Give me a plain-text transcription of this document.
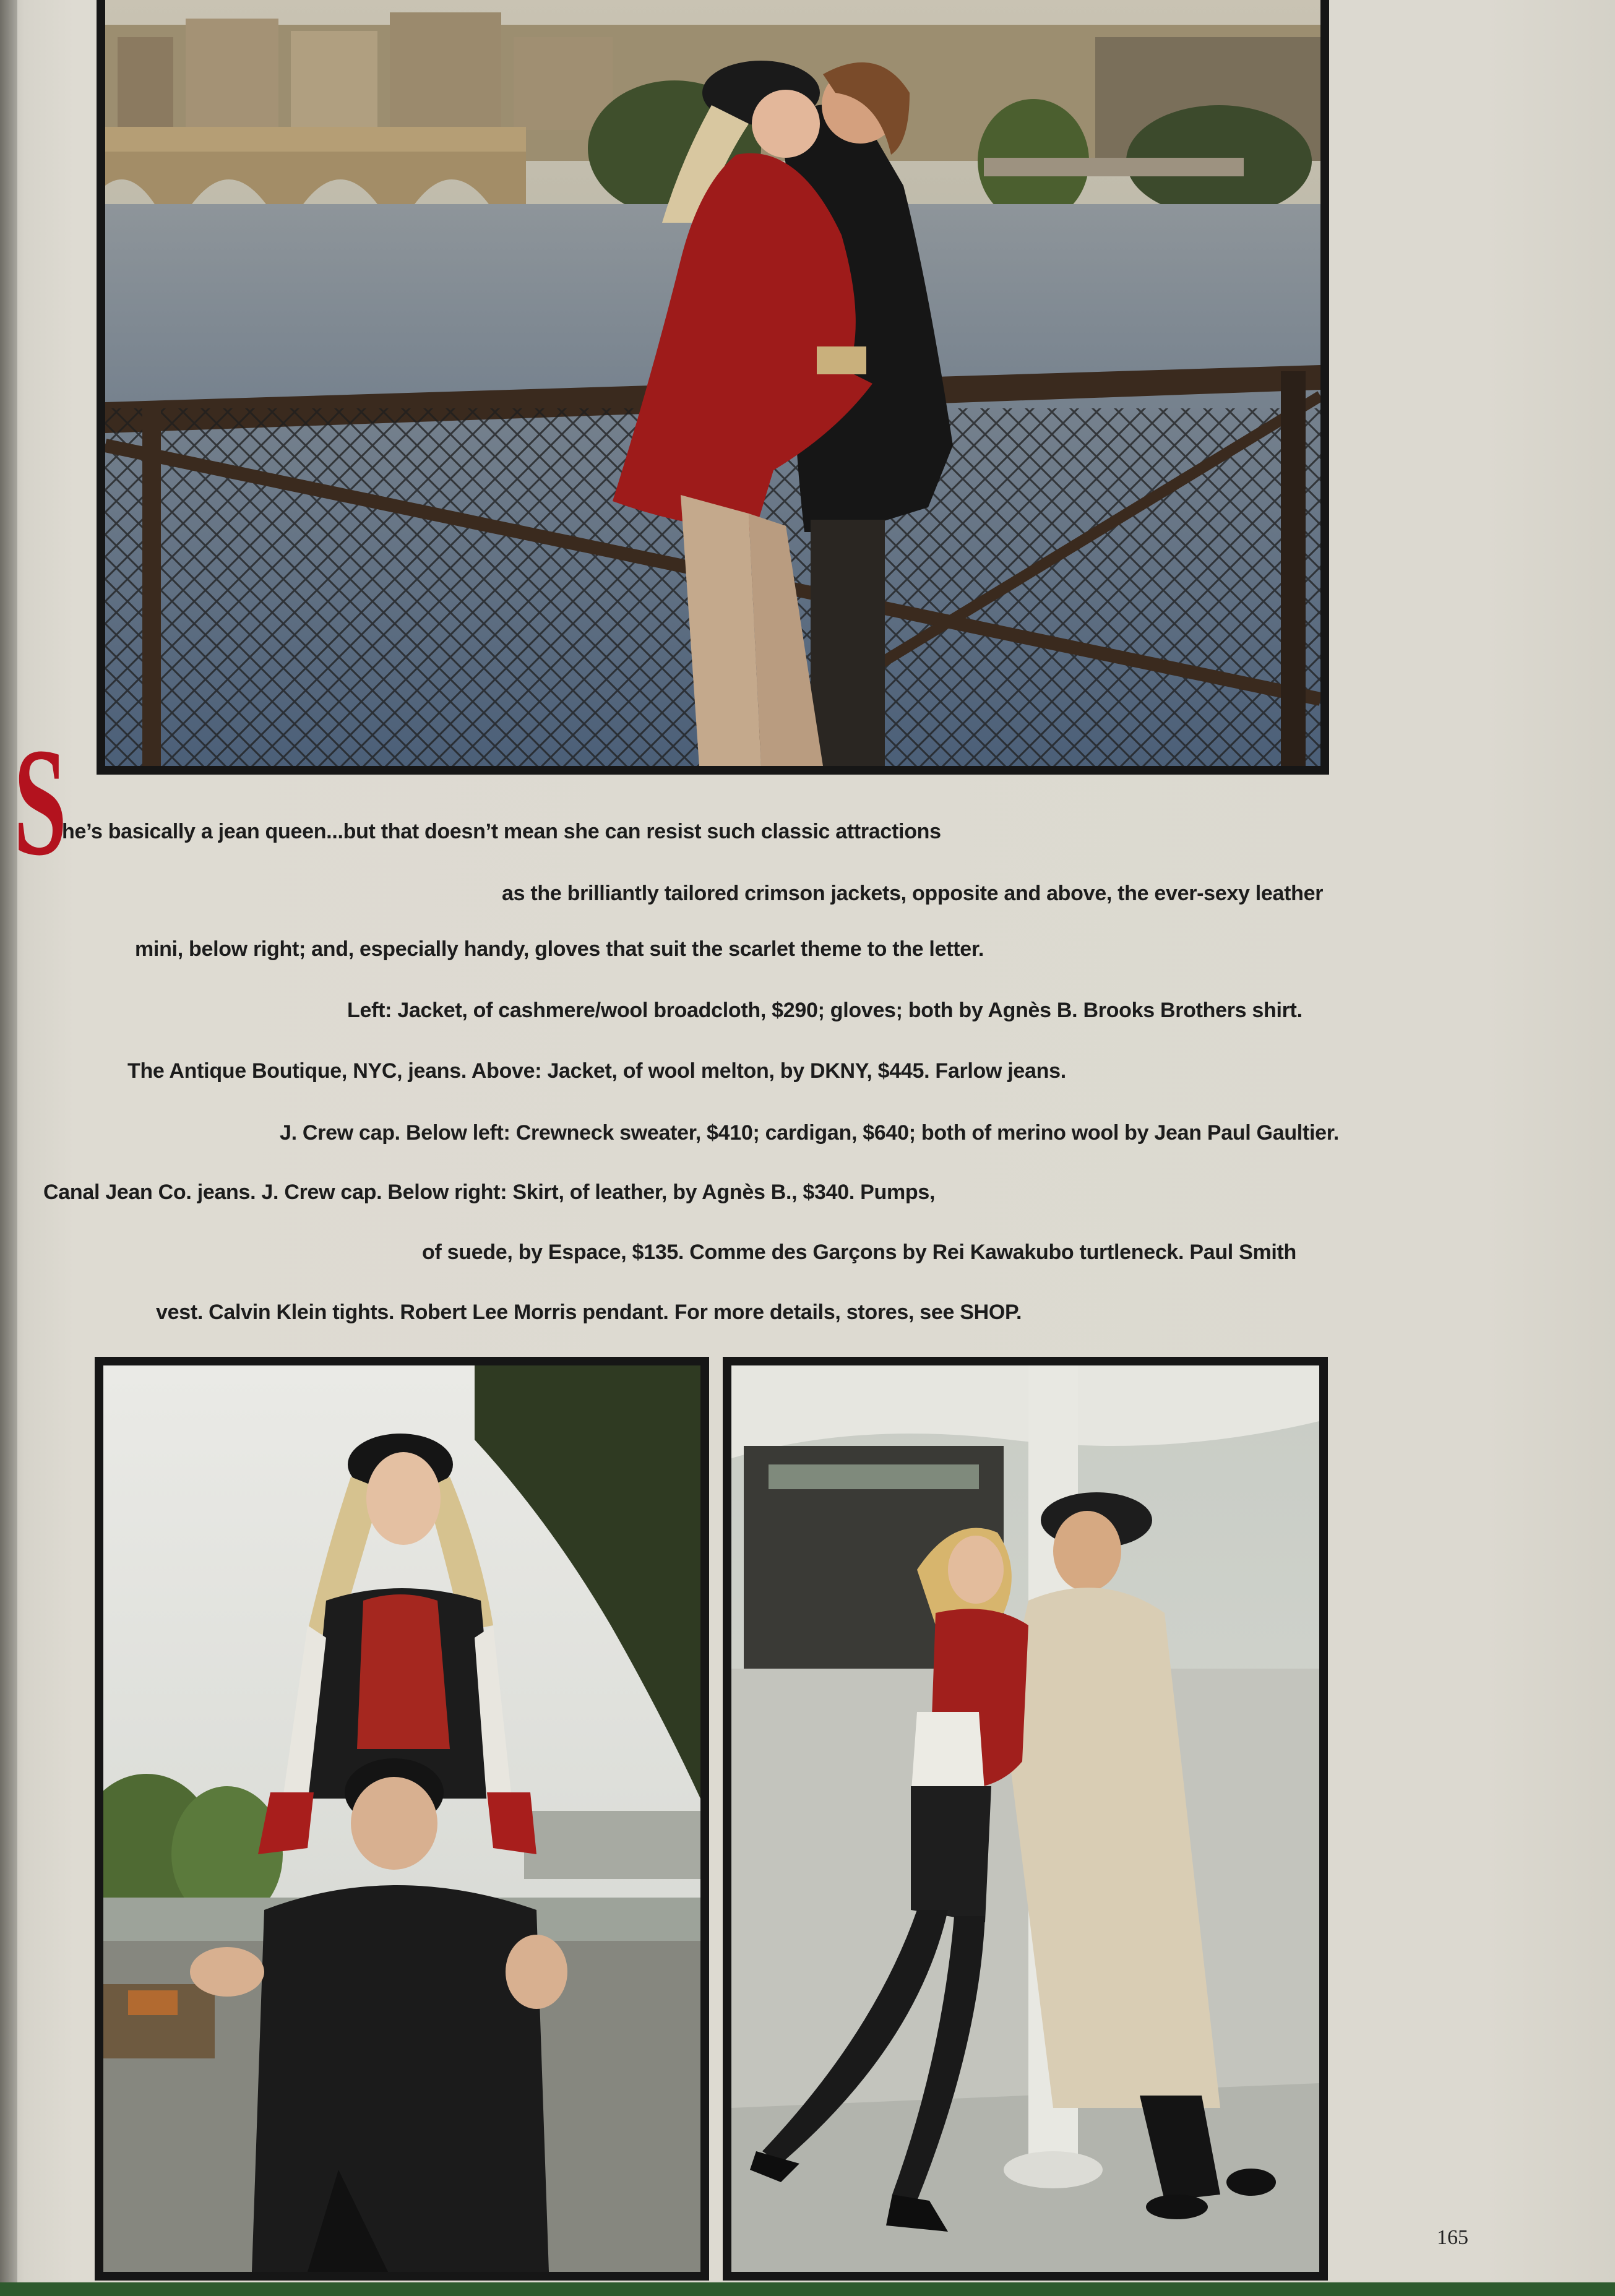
S
he’s basically a jean queen...but that doesn’t mean she can resist such classic attractions
as the brilliantly tailored crimson jackets, opposite and above, the ever-sexy leather
mini, below right; and, especially handy, gloves that suit the scarlet theme to the letter.
Left: Jacket, of cashmere/wool broadcloth, $290; gloves; both by Agnès B. Brooks Brothers shirt.
The Antique Boutique, NYC, jeans. Above: Jacket, of wool melton, by DKNY, $445. Farlow jeans.
J. Crew cap. Below left: Crewneck sweater, $410; cardigan, $640; both of merino wool by Jean Paul Gaultier.
Canal Jean Co. jeans. J. Crew cap. Below right: Skirt, of leather, by Agnès B., $340. Pumps,
of suede, by Espace, $135. Comme des Garçons by Rei Kawakubo turtleneck. Paul Smith
vest. Calvin Klein tights. Robert Lee Morris pendant. For more details, stores, see SHOP.
165
